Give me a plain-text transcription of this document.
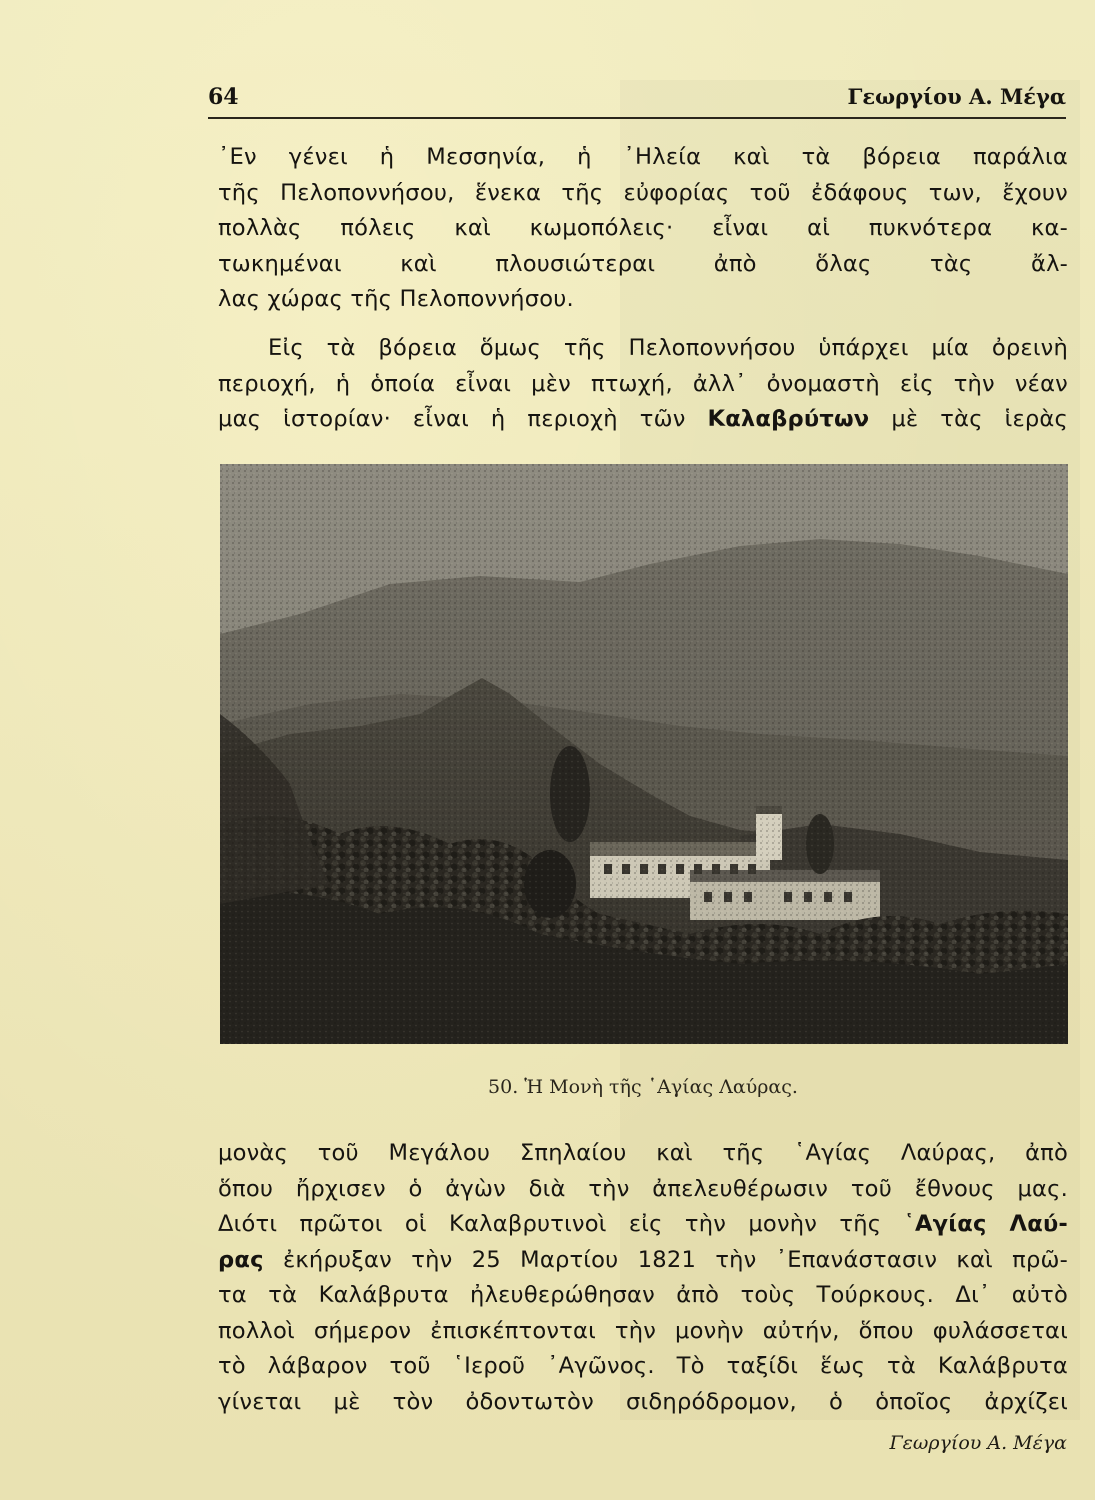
64	Γεωργίου Α. Μέγα
᾿Εν γένει ἡ Μεσσηνία, ἡ ᾿Ηλεία καὶ τὰ βόρεια παράλια
τῆς Πελοποννήσου, ἕνεκα τῆς εὐφορίας τοῦ ἐδάφους των, ἔχουν
πολλὰς πόλεις καὶ κωμοπόλεις· εἶναι αἱ πυκνότερα κα-
τωκημέναι καὶ πλουσιώτεραι ἀπὸ ὅλας τὰς ἄλ-
λας χώρας τῆς Πελοποννήσου.
Εἰς τὰ βόρεια ὅμως τῆς Πελοποννήσου ὑπάρχει μία ὀρεινὴ
περιοχή, ἡ ὁποία εἶναι μὲν πτωχή, ἀλλ᾿ ὀνομαστὴ εἰς τὴν νέαν
μας ἱστορίαν· εἶναι ἡ περιοχὴ τῶν Καλαβρύτων μὲ τὰς ἱερὰς
50. Ἡ Μονὴ τῆς ῾Αγίας Λαύρας.
μονὰς τοῦ Μεγάλου Σπηλαίου καὶ τῆς ῾Αγίας Λαύρας, ἀπὸ
ὅπου ἤρχισεν ὁ ἀγὼν διὰ τὴν ἀπελευθέρωσιν τοῦ ἔθνους μας.
Διότι πρῶτοι οἱ Καλαβρυτινοὶ εἰς τὴν μονὴν τῆς ῾Αγίας Λαύ-
ρας ἐκήρυξαν τὴν 25 Μαρτίου 1821 τὴν ᾿Επανάστασιν καὶ πρῶ-
τα τὰ Καλάβρυτα ἠλευθερώθησαν ἀπὸ τοὺς Τούρκους. Δι᾿ αὐτὸ
πολλοὶ σήμερον ἐπισκέπτονται τὴν μονὴν αὐτήν, ὅπου φυλάσσεται
τὸ λάβαρον τοῦ ῾Ιεροῦ ᾿Αγῶνος. Τὸ ταξίδι ἕως τὰ Καλάβρυτα
γίνεται μὲ τὸν ὀδοντωτὸν σιδηρόδρομον, ὁ ὁποῖος ἀρχίζει
Γεωργίου Α. Μέγα
